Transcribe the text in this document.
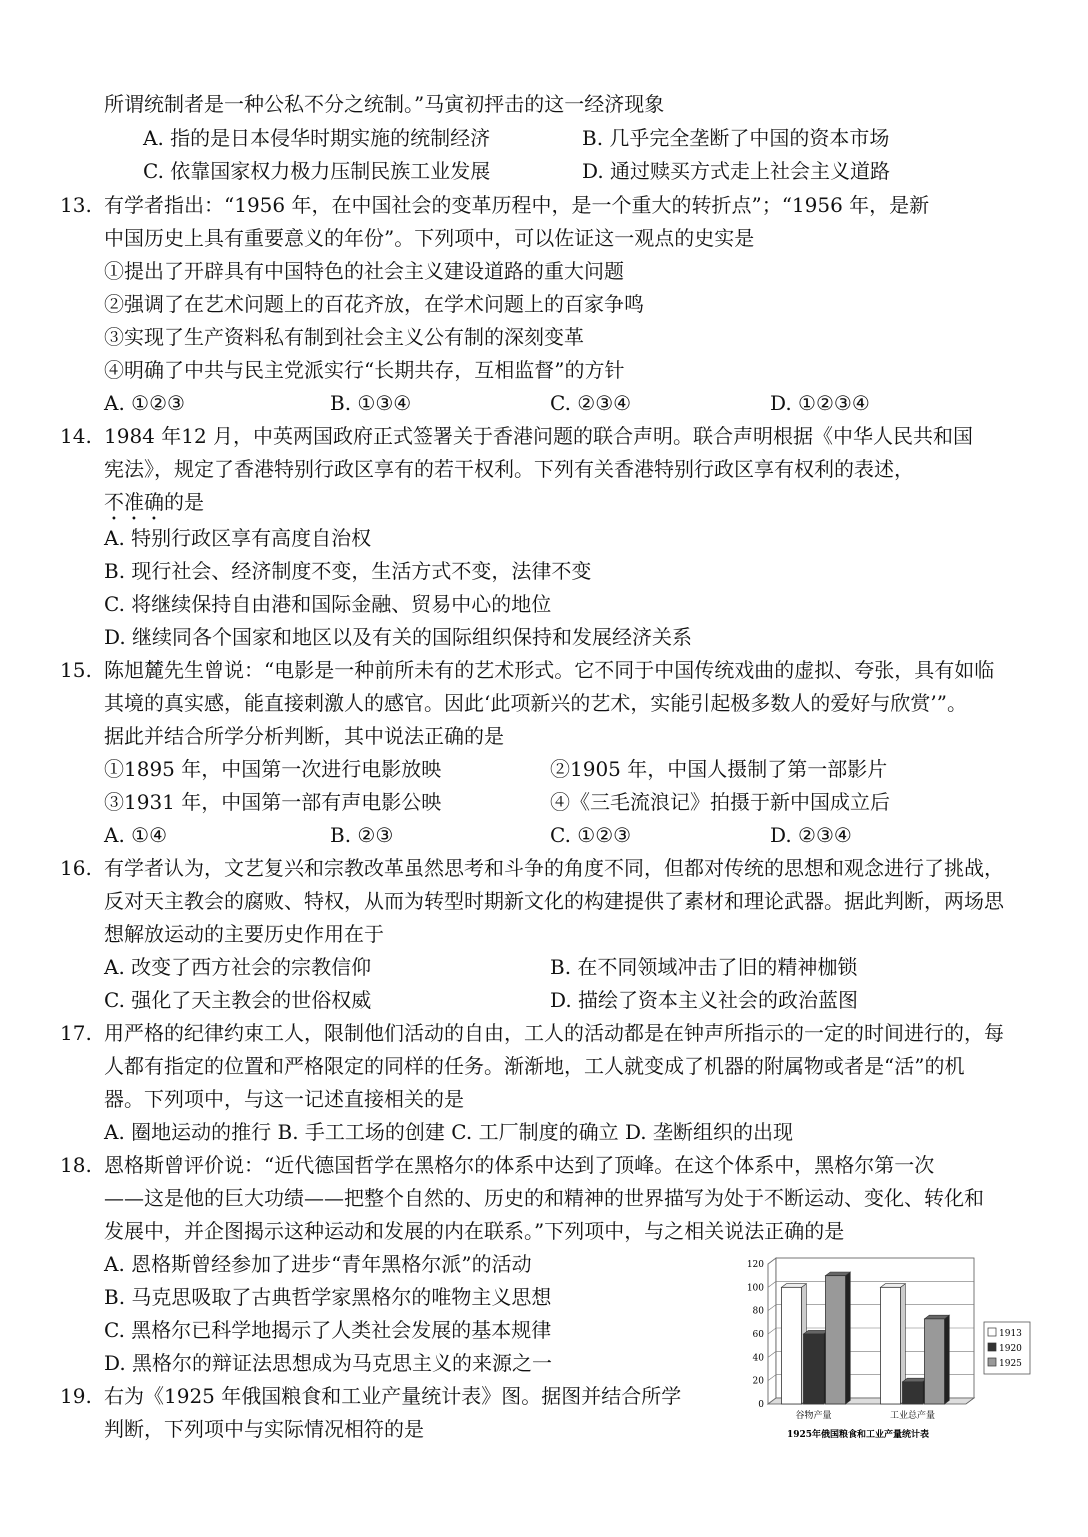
所谓统制者是一种公私不分之统制。”马寅初抨击的这一经济现象
A. 指的是日本侵华时期实施的统制经济	B. 几乎完全垄断了中国的资本市场
C. 依靠国家权力极力压制民族工业发展	D. 通过赎买方式走上社会主义道路
13. 有学者指出：“1956 年，在中国社会的变革历程中，是一个重大的转折点”；“1956 年，是新
中国历史上具有重要意义的年份”。下列项中，可以佐证这一观点的史实是
①提出了开辟具有中国特色的社会主义建设道路的重大问题
②强调了在艺术问题上的百花齐放，在学术问题上的百家争鸣
③实现了生产资料私有制到社会主义公有制的深刻变革
④明确了中共与民主党派实行“长期共存，互相监督”的方针
A. ①②③	B. ①③④	C. ②③④	D. ①②③④
14. 1984 年12 月，中英两国政府正式签署关于香港问题的联合声明。联合声明根据《中华人民共和国
宪法》，规定了香港特别行政区享有的若干权利。下列有关香港特别行政区享有权利的表述，
不准确的是
A. 特别行政区享有高度自治权
B. 现行社会、经济制度不变，生活方式不变，法律不变
C. 将继续保持自由港和国际金融、贸易中心的地位
D. 继续同各个国家和地区以及有关的国际组织保持和发展经济关系
15. 陈旭麓先生曾说：“电影是一种前所未有的艺术形式。它不同于中国传统戏曲的虚拟、夸张，具有如临
其境的真实感，能直接刺激人的感官。因此‘此项新兴的艺术，实能引起极多数人的爱好与欣赏’”。
据此并结合所学分析判断，其中说法正确的是
①1895 年，中国第一次进行电影放映	②1905 年，中国人摄制了第一部影片
③1931 年，中国第一部有声电影公映	④《三毛流浪记》拍摄于新中国成立后
A. ①④	B. ②③	C. ①②③	D. ②③④
16. 有学者认为，文艺复兴和宗教改革虽然思考和斗争的角度不同，但都对传统的思想和观念进行了挑战，
反对天主教会的腐败、特权，从而为转型时期新文化的构建提供了素材和理论武器。据此判断，两场思
想解放运动的主要历史作用在于
A. 改变了西方社会的宗教信仰	B. 在不同领域冲击了旧的精神枷锁
C. 强化了天主教会的世俗权威	D. 描绘了资本主义社会的政治蓝图
17. 用严格的纪律约束工人，限制他们活动的自由，工人的活动都是在钟声所指示的一定的时间进行的，每
人都有指定的位置和严格限定的同样的任务。渐渐地，工人就变成了机器的附属物或者是“活”的机
器。下列项中，与这一记述直接相关的是
A. 圈地运动的推行 B. 手工工场的创建 C. 工厂制度的确立 D. 垄断组织的出现
18. 恩格斯曾评价说：“近代德国哲学在黑格尔的体系中达到了顶峰。在这个体系中，黑格尔第一次
——这是他的巨大功绩——把整个自然的、历史的和精神的世界描写为处于不断运动、变化、转化和
发展中，并企图揭示这种运动和发展的内在联系。”下列项中，与之相关说法正确的是
A. 恩格斯曾经参加了进步“青年黑格尔派”的活动
B. 马克思吸取了古典哲学家黑格尔的唯物主义思想
C. 黑格尔已科学地揭示了人类社会发展的基本规律
D. 黑格尔的辩证法思想成为马克思主义的来源之一
19. 右为《1925 年俄国粮食和工业产量统计表》图。据图并结合所学
判断，下列项中与实际情况相符的是
0
20
40
60
80
100
120
谷物产量	工业总产量
1913
1920
1925
1925年俄国粮食和工业产量统计表
